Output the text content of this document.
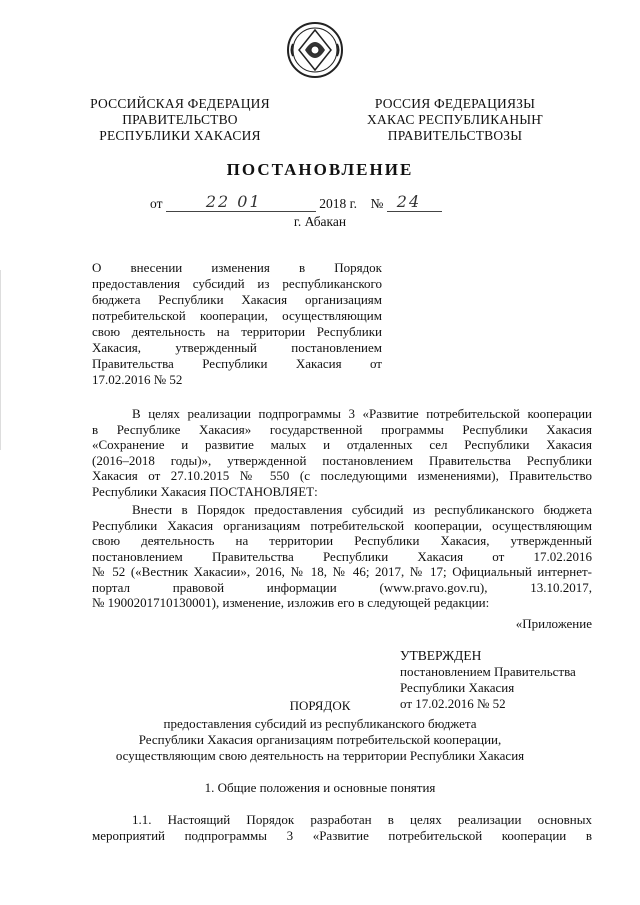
РОССИЙСКАЯ ФЕДЕРАЦИЯ
ПРАВИТЕЛЬСТВО
РЕСПУБЛИКИ ХАКАСИЯ
РОССИЯ ФЕДЕРАЦИЯЗЫ
ХАКАС РЕСПУБЛИКАНЫҤ
ПРАВИТЕЛЬСТВОЗЫ
ПОСТАНОВЛЕНИЕ
от	22 01	2018 г. № 24
г. Абакан
О внесении изменения в Порядок
предоставления субсидий из республиканского
бюджета Республики Хакасия организациям
потребительской кооперации, осуществляющим
свою деятельность на территории Республики
Хакасия, утвержденный постановлением
Правительства Республики Хакасия от
17.02.2016 № 52
В целях реализации подпрограммы 3 «Развитие потребительской кооперации
в Республике Хакасия» государственной программы Республики Хакасия
«Сохранение и развитие малых и отдаленных сел Республики Хакасия
(2016–2018 годы)», утвержденной постановлением Правительства Республики
Хакасия от 27.10.2015 № 550 (с последующими изменениями), Правительство
Республики Хакасия ПОСТАНОВЛЯЕТ:
Внести в Порядок предоставления субсидий из республиканского бюджета
Республики Хакасия организациям потребительской кооперации, осуществляющим
свою деятельность на территории Республики Хакасия, утвержденный
постановлением Правительства Республики Хакасия от 17.02.2016
№ 52 («Вестник Хакасии», 2016, № 18, № 46; 2017, № 17; Официальный интернет-
портал правовой информации (www.pravo.gov.ru), 13.10.2017,
№ 1900201710130001), изменение, изложив его в следующей редакции:
«Приложение
УТВЕРЖДЕН
постановлением Правительства
Республики Хакасия
от 17.02.2016 № 52
ПОРЯДОК
предоставления субсидий из республиканского бюджета
Республики Хакасия организациям потребительской кооперации,
осуществляющим свою деятельность на территории Республики Хакасия
1. Общие положения и основные понятия
1.1. Настоящий Порядок разработан в целях реализации основных
мероприятий подпрограммы 3 «Развитие потребительской кооперации в
